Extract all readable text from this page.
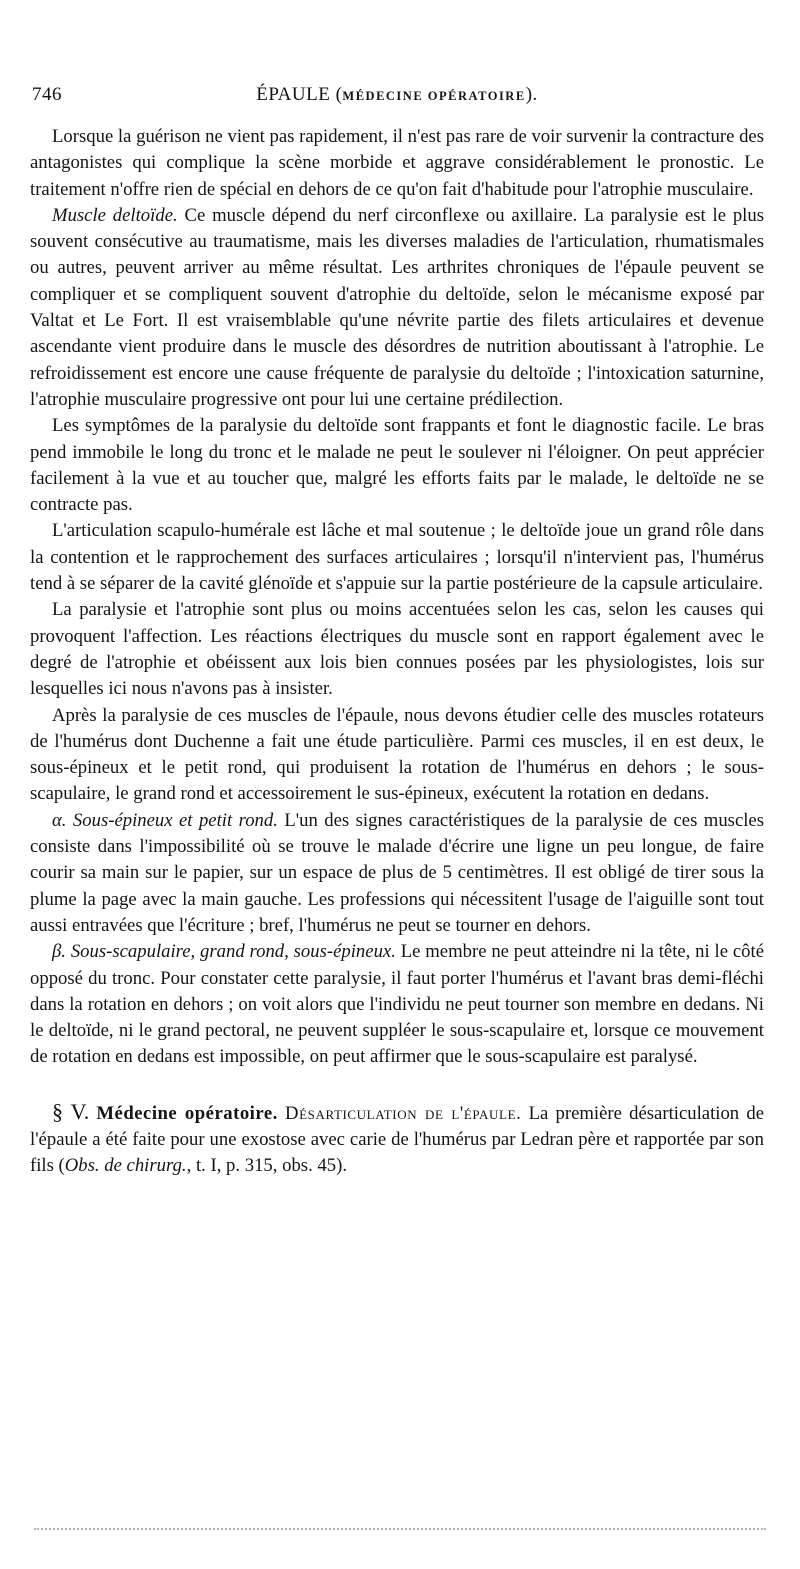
746	ÉPAULE (MÉDECINE OPÉRATOIRE).

Lorsque la guérison ne vient pas rapidement, il n'est pas rare de voir survenir la contracture des antagonistes qui complique la scène morbide et aggrave considérablement le pronostic. Le traitement n'offre rien de spécial en dehors de ce qu'on fait d'habitude pour l'atrophie musculaire.

Muscle deltoïde. Ce muscle dépend du nerf circonflexe ou axillaire. La paralysie est le plus souvent consécutive au traumatisme, mais les diverses maladies de l'articulation, rhumatismales ou autres, peuvent arriver au même résultat. Les arthrites chroniques de l'épaule peuvent se compliquer et se compliquent souvent d'atrophie du deltoïde, selon le mécanisme exposé par Valtat et Le Fort. Il est vraisemblable qu'une névrite partie des filets articulaires et devenue ascendante vient produire dans le muscle des désordres de nutrition aboutissant à l'atrophie. Le refroidissement est encore une cause fréquente de paralysie du deltoïde ; l'intoxication saturnine, l'atrophie musculaire progressive ont pour lui une certaine prédilection.

Les symptômes de la paralysie du deltoïde sont frappants et font le diagnostic facile. Le bras pend immobile le long du tronc et le malade ne peut le soulever ni l'éloigner. On peut apprécier facilement à la vue et au toucher que, malgré les efforts faits par le malade, le deltoïde ne se contracte pas.

L'articulation scapulo-humérale est lâche et mal soutenue ; le deltoïde joue un grand rôle dans la contention et le rapprochement des surfaces articulaires ; lorsqu'il n'intervient pas, l'humérus tend à se séparer de la cavité glénoïde et s'appuie sur la partie postérieure de la capsule articulaire.

La paralysie et l'atrophie sont plus ou moins accentuées selon les cas, selon les causes qui provoquent l'affection. Les réactions électriques du muscle sont en rapport également avec le degré de l'atrophie et obéissent aux lois bien connues posées par les physiologistes, lois sur lesquelles ici nous n'avons pas à insister.

Après la paralysie de ces muscles de l'épaule, nous devons étudier celle des muscles rotateurs de l'humérus dont Duchenne a fait une étude particulière. Parmi ces muscles, il en est deux, le sous-épineux et le petit rond, qui produisent la rotation de l'humérus en dehors ; le sous-scapulaire, le grand rond et accessoirement le sus-épineux, exécutent la rotation en dedans.

α. Sous-épineux et petit rond. L'un des signes caractéristiques de la paralysie de ces muscles consiste dans l'impossibilité où se trouve le malade d'écrire une ligne un peu longue, de faire courir sa main sur le papier, sur un espace de plus de 5 centimètres. Il est obligé de tirer sous la plume la page avec la main gauche. Les professions qui nécessitent l'usage de l'aiguille sont tout aussi entravées que l'écriture ; bref, l'humérus ne peut se tourner en dehors.

β. Sous-scapulaire, grand rond, sous-épineux. Le membre ne peut atteindre ni la tête, ni le côté opposé du tronc. Pour constater cette paralysie, il faut porter l'humérus et l'avant bras demi-fléchi dans la rotation en dehors ; on voit alors que l'individu ne peut tourner son membre en dedans. Ni le deltoïde, ni le grand pectoral, ne peuvent suppléer le sous-scapulaire et, lorsque ce mouvement de rotation en dedans est impossible, on peut affirmer que le sous-scapulaire est paralysé.

§ V. Médecine opératoire. Désarticulation de l'épaule. La première désarticulation de l'épaule a été faite pour une exostose avec carie de l'humérus par Ledran père et rapportée par son fils (Obs. de chirurg., t. I, p. 315, obs. 45).
